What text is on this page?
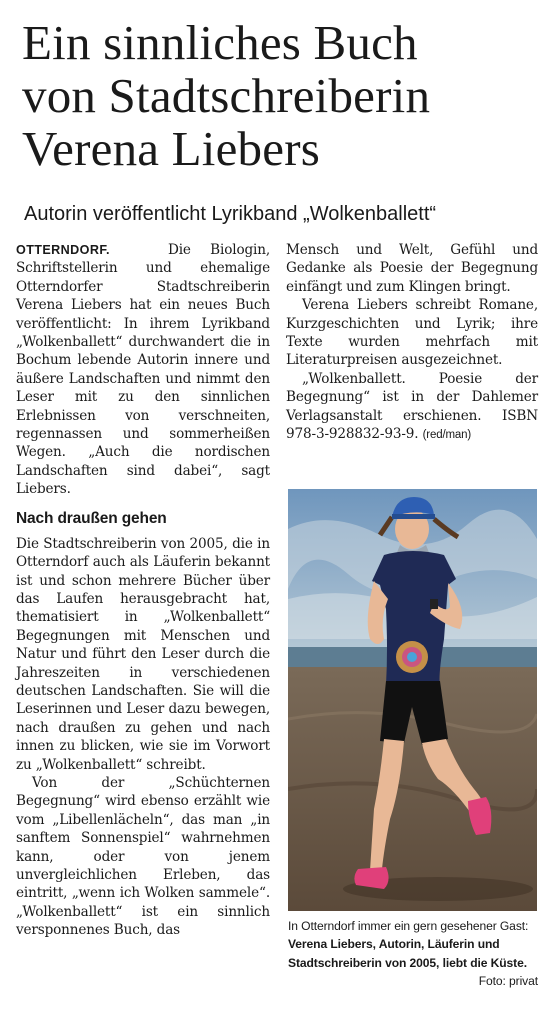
Ein sinnliches Buch
von Stadtschreiberin
Verena Liebers
Autorin veröffentlicht Lyrikband „Wolkenballett“

OTTERNDORF.	Die Biologin, Schriftstellerin und ehemalige Otterndorfer Stadtschreiberin Verena Liebers hat ein neues Buch veröffentlicht: In ihrem Lyrikband „Wolkenballett“ durchwandert die in Bochum lebende Autorin innere und äußere Landschaften und nimmt den Leser mit zu den sinnlichen Erlebnissen von verschneiten, regennassen und sommerheißen Wegen. „Auch die nordischen Landschaften sind dabei“, sagt Liebers.

Nach draußen gehen

Die Stadtschreiberin von 2005, die in Otterndorf auch als Läuferin bekannt ist und schon mehrere Bücher über das Laufen herausgebracht hat, thematisiert in „Wolkenballett“ Begegnungen mit Menschen und Natur und führt den Leser durch die Jahreszeiten in verschiedenen deutschen Landschaften. Sie will die Leserinnen und Leser dazu bewegen, nach draußen zu gehen und nach innen zu blicken, wie sie im Vorwort zu „Wolkenballett“ schreibt.

Von der „Schüchternen Begegnung“ wird ebenso erzählt wie vom „Libellenlächeln“, das man „in sanftem Sonnenspiel“ wahrnehmen kann, oder von jenem unvergleichlichen Erleben, das eintritt, „wenn ich Wolken sammele“. „Wolkenballett“ ist ein sinnlich versponnenes Buch, das

Mensch und Welt, Gefühl und Gedanke als Poesie der Begegnung einfängt und zum Klingen bringt.

Verena Liebers schreibt Romane, Kurzgeschichten und Lyrik; ihre Texte wurden mehrfach mit Literaturpreisen ausgezeichnet.

„Wolkenballett. Poesie der Begegnung“ ist in der Dahlemer Verlagsanstalt erschienen. ISBN 978-3-928832-93-9. (red/man)

In Otterndorf immer ein gern gesehener Gast: Verena Liebers, Autorin, Läuferin und Stadtschreiberin von 2005, liebt die Küste.
Foto: privat
